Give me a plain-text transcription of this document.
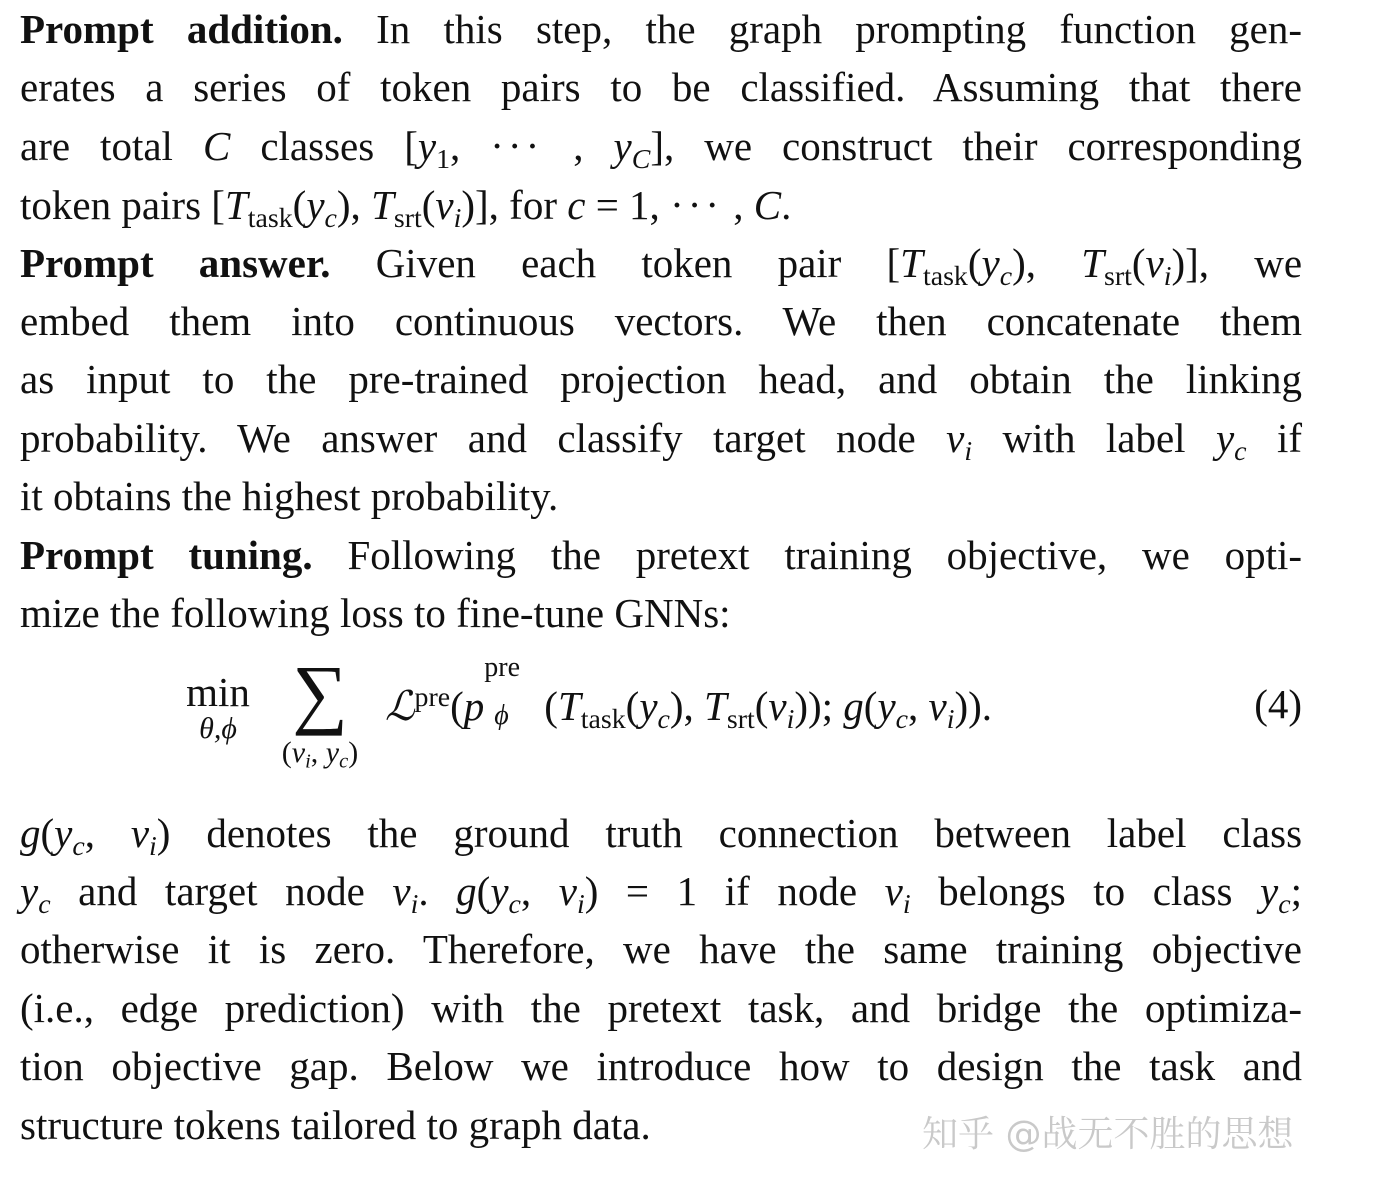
Prompt addition. In this step, the graph prompting function gen-
erates a series of token pairs to be classified. Assuming that there
are total C classes [$y_1$, ··· , $y_C$], we construct their corresponding
token pairs [$T_{task}(y_c)$, $T_{srt}(v_i)$], for c = 1, ··· , C.
Prompt answer. Given each token pair [$T_{task}(y_c)$, $T_{srt}(v_i)$], we
embed them into continuous vectors. We then concatenate them
as input to the pre-trained projection head, and obtain the linking
probability. We answer and classify target node $v_i$ with label $y_c$ if
it obtains the highest probability.
Prompt tuning. Following the pretext training objective, we opti-
mize the following loss to fine-tune GNNs:
min
θ,ϕ ∑
($v_i$, $y_c$)
ℒ$^{pre}$(p
pre
ϕ ($T_{task}(y_c)$, $T_{srt}(v_i)$); $g(y_c$, $v_i$)).	(4)
$g(y_c$, $v_i$) denotes the ground truth connection between label class
$y_c$ and target node $v_i$. $g(y_c$, $v_i) = 1$ if node $v_i$ belongs to class $y_c$;
otherwise it is zero. Therefore, we have the same training objective
(i.e., edge prediction) with the pretext task, and bridge the optimiza-
tion objective gap. Below we introduce how to design the task and
structure tokens tailored to graph data.	知乎 @战无不胜的思想
